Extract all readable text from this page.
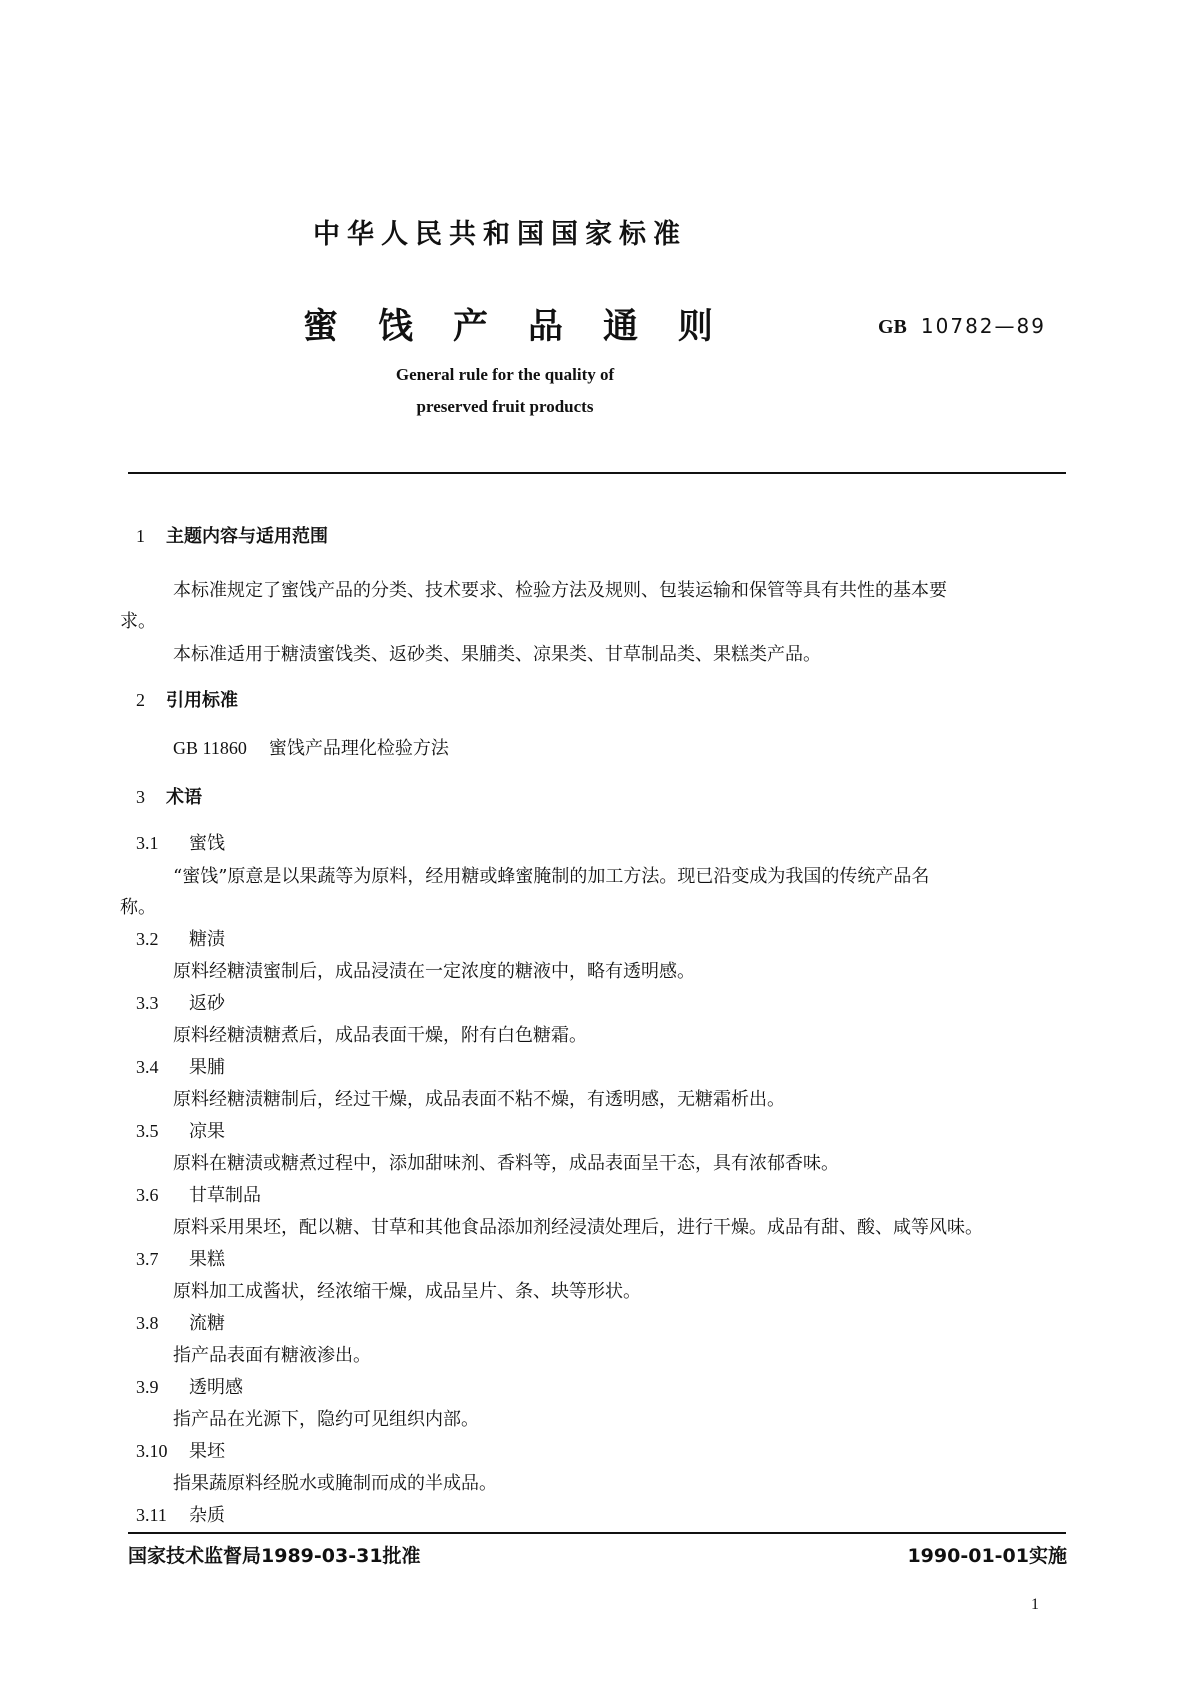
中华人民共和国国家标准
蜜 饯 产 品 通 则	GB 10782—89
General rule for the quality of
preserved fruit products
1 主题内容与适用范围
本标准规定了蜜饯产品的分类、技术要求、检验方法及规则、包装运输和保管等具有共性的基本要
求。
本标准适用于糖渍蜜饯类、返砂类、果脯类、凉果类、甘草制品类、果糕类产品。
2 引用标准
GB 11860 蜜饯产品理化检验方法
3 术语
3.1 蜜饯
“蜜饯”原意是以果蔬等为原料，经用糖或蜂蜜腌制的加工方法。现已沿变成为我国的传统产品名
称。
3.2 糖渍
原料经糖渍蜜制后，成品浸渍在一定浓度的糖液中，略有透明感。
3.3 返砂
原料经糖渍糖煮后，成品表面干燥，附有白色糖霜。
3.4 果脯
原料经糖渍糖制后，经过干燥，成品表面不粘不燥，有透明感，无糖霜析出。
3.5 凉果
原料在糖渍或糖煮过程中，添加甜味剂、香料等，成品表面呈干态，具有浓郁香味。
3.6 甘草制品
原料采用果坯，配以糖、甘草和其他食品添加剂经浸渍处理后，进行干燥。成品有甜、酸、咸等风味。
3.7 果糕
原料加工成酱状，经浓缩干燥，成品呈片、条、块等形状。
3.8 流糖
指产品表面有糖液渗出。
3.9 透明感
指产品在光源下，隐约可见组织内部。
3.10 果坯
指果蔬原料经脱水或腌制而成的半成品。
3.11 杂质
国家技术监督局1989-03-31批准	1990-01-01实施
1
